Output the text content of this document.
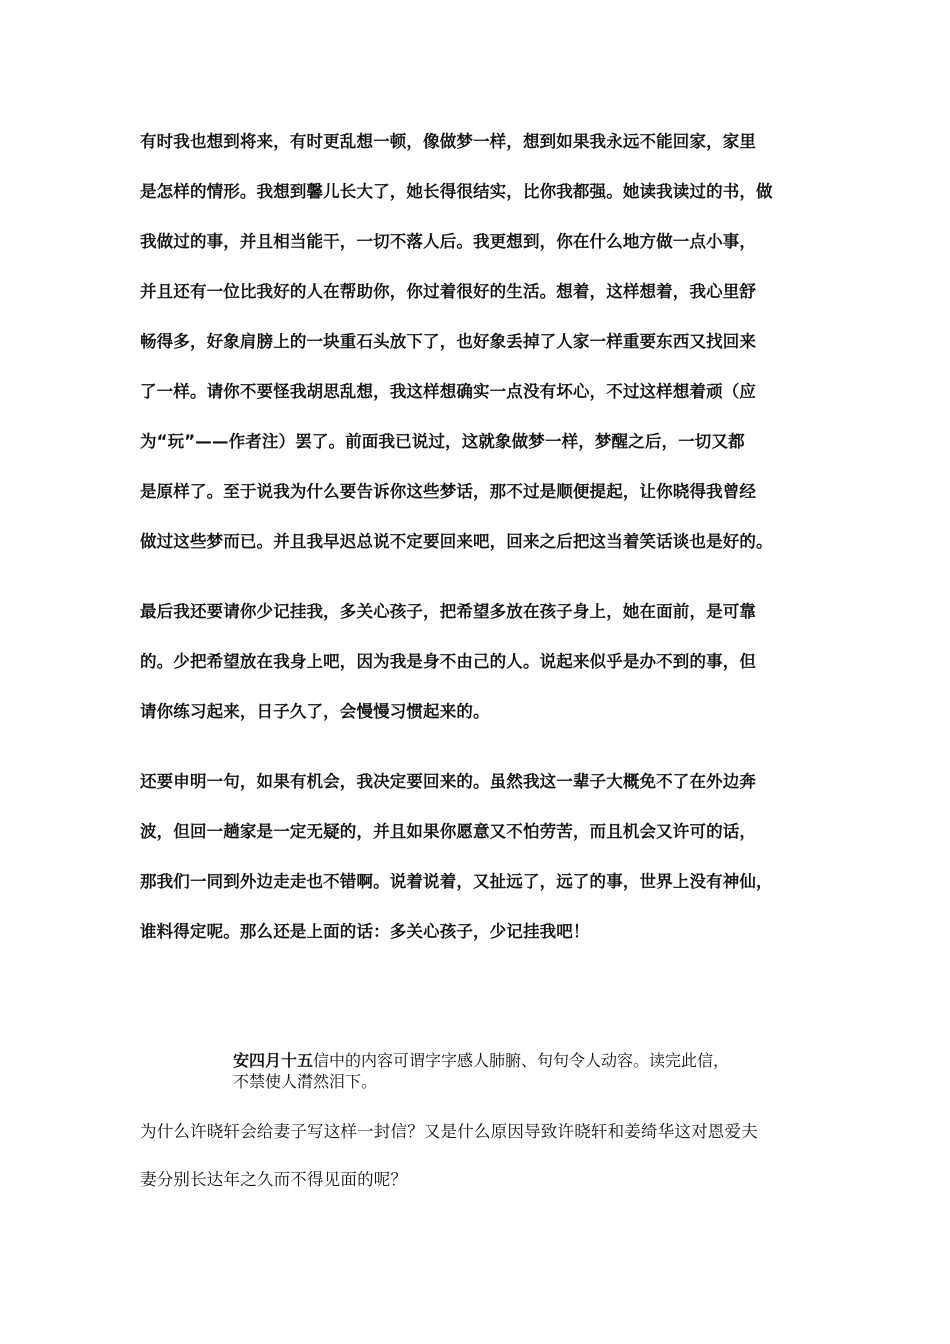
有时我也想到将来，有时更乱想一顿，像做梦一样，想到如果我永远不能回家，家里
是怎样的情形。我想到馨儿长大了，她长得很结实，比你我都强。她读我读过的书，做
我做过的事，并且相当能干，一切不落人后。我更想到，你在什么地方做一点小事，
并且还有一位比我好的人在帮助你，你过着很好的生活。想着，这样想着，我心里舒
畅得多，好象肩膀上的一块重石头放下了，也好象丢掉了人家一样重要东西又找回来
了一样。请你不要怪我胡思乱想，我这样想确实一点没有坏心，不过这样想着顽（应
为“玩”——作者注）罢了。前面我已说过，这就象做梦一样，梦醒之后，一切又都
是原样了。至于说我为什么要告诉你这些梦话，那不过是顺便提起，让你晓得我曾经
做过这些梦而已。并且我早迟总说不定要回来吧，回来之后把这当着笑话谈也是好的。
最后我还要请你少记挂我，多关心孩子，把希望多放在孩子身上，她在面前，是可靠
的。少把希望放在我身上吧，因为我是身不由己的人。说起来似乎是办不到的事，但
请你练习起来，日子久了，会慢慢习惯起来的。
还要申明一句，如果有机会，我决定要回来的。虽然我这一辈子大概免不了在外边奔
波，但回一趟家是一定无疑的，并且如果你愿意又不怕劳苦，而且机会又许可的话，
那我们一同到外边走走也不错啊。说着说着，又扯远了，远了的事，世界上没有神仙，
谁料得定呢。那么还是上面的话：多关心孩子，少记挂我吧！
安四月十五信中的内容可谓字字感人肺腑、句句令人动容。读完此信，
不禁使人潸然泪下。
为什么许晓轩会给妻子写这样一封信？又是什么原因导致许晓轩和姜绮华这对恩爱夫
妻分别长达年之久而不得见面的呢？
